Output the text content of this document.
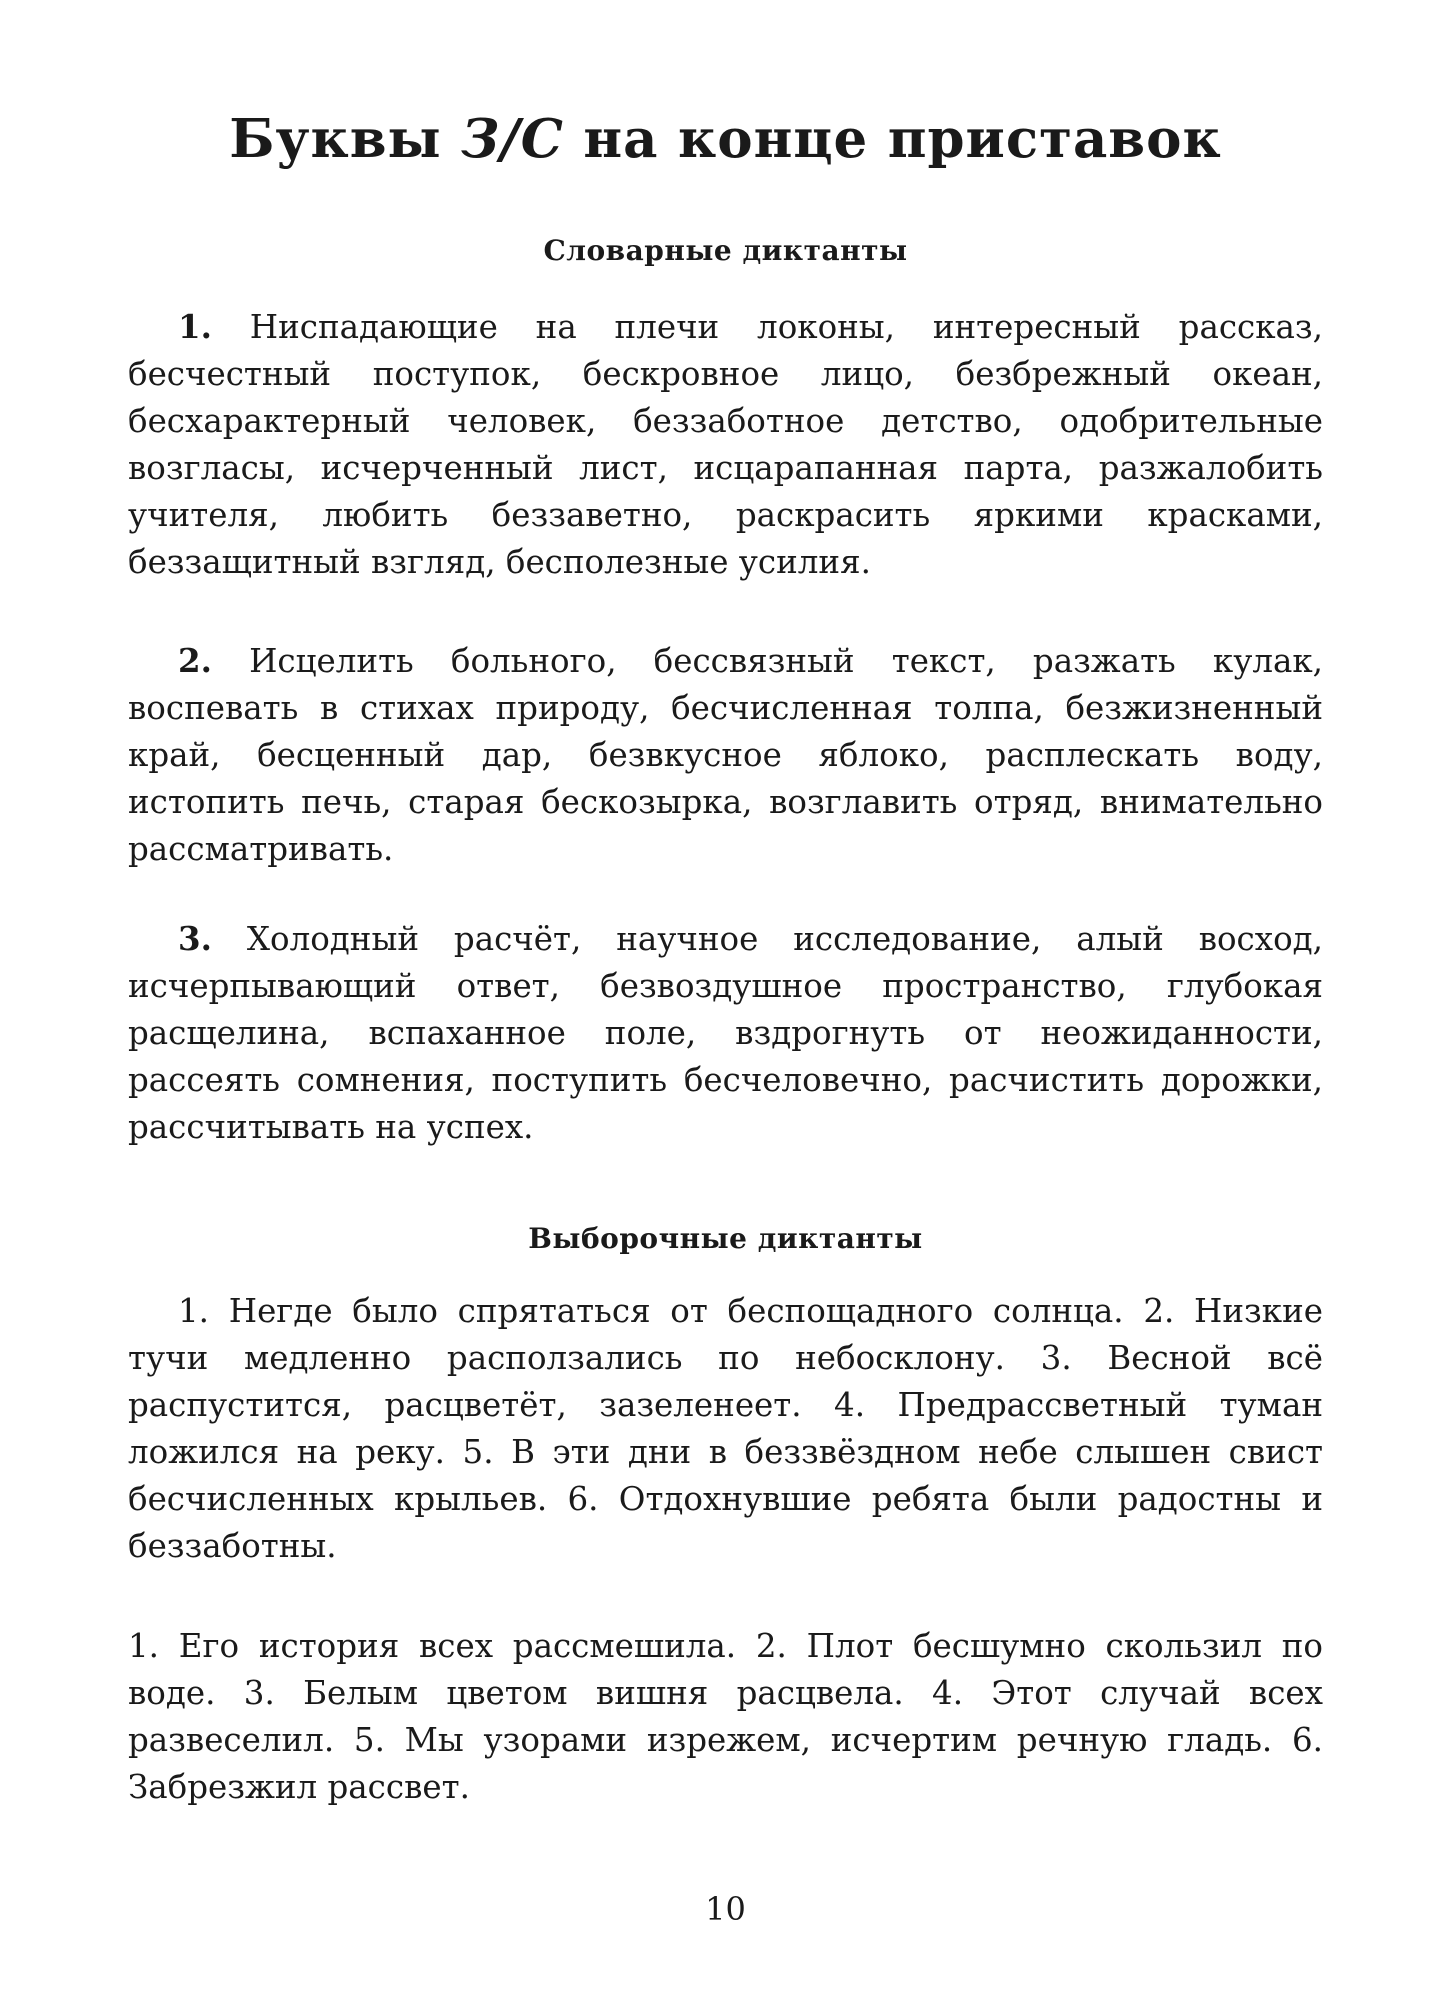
Буквы З/С на конце приставок
Словарные диктанты

1. Ниспадающие на плечи локоны, интересный рассказ, бесчестный поступок, бескровное лицо, безбрежный океан, бесхарактерный человек, беззаботное детство, одобрительные возгласы, исчерченный лист, исцарапанная парта, разжалобить учителя, любить беззаветно, раскрасить яркими красками, беззащитный взгляд, бесполезные усилия.

2. Исцелить больного, бессвязный текст, разжать кулак, воспевать в стихах природу, бесчисленная толпа, безжизненный край, бесценный дар, безвкусное яблоко, расплескать воду, истопить печь, старая бескозырка, возглавить отряд, внимательно рассматривать.

3. Холодный расчёт, научное исследование, алый восход, исчерпывающий ответ, безвоздушное пространство, глубокая расщелина, вспаханное поле, вздрогнуть от неожиданности, рассеять сомнения, поступить бесчеловечно, расчистить дорожки, рассчитывать на успех.

Выборочные диктанты

1. Негде было спрятаться от беспощадного солнца. 2. Низкие тучи медленно расползались по небосклону. 3. Весной всё распустится, расцветёт, зазеленеет. 4. Предрассветный туман ложился на реку. 5. В эти дни в беззвёздном небе слышен свист бесчисленных крыльев. 6. Отдохнувшие ребята были радостны и беззаботны.

1. Его история всех рассмешила. 2. Плот бесшумно скользил по воде. 3. Белым цветом вишня расцвела. 4. Этот случай всех развеселил. 5. Мы узорами изрежем, исчертим речную гладь. 6. Забрезжил рассвет.

10
